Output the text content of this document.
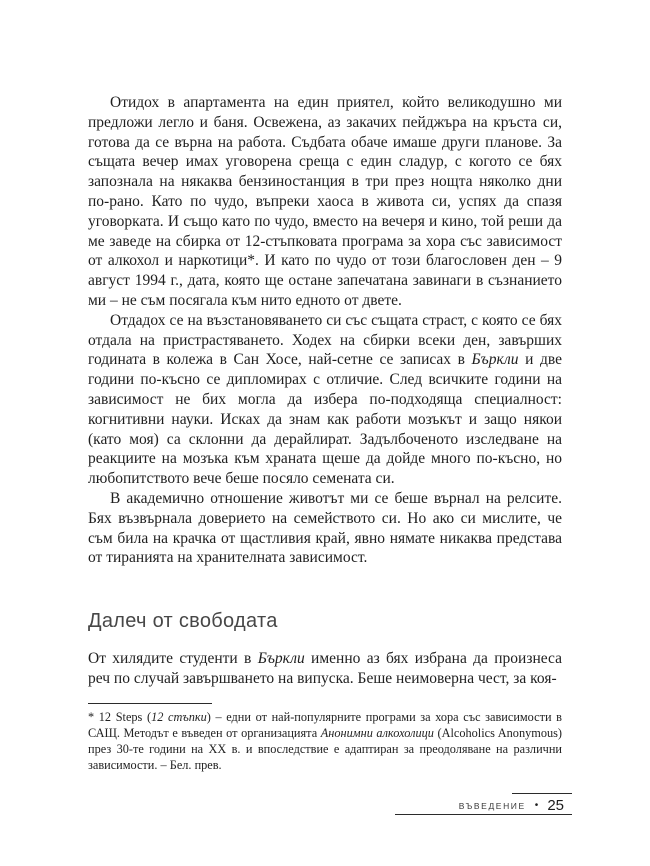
Отидох в апартамента на един приятел, който великодушно ми предложи легло и баня. Освежена, аз закачих пейджъра на кръста си, готова да се върна на работа. Съдбата обаче имаше други планове. За същата вечер имах уговорена среща с един сладур, с когото се бях запознала на някаква бензиностанция в три през нощта няколко дни по-рано. Като по чудо, въпреки хаоса в живота си, успях да спазя уговорката. И също като по чудо, вместо на вечеря и кино, той реши да ме заведе на сбирка от 12-стъпковата програма за хора със зависимост от алкохол и наркотици*. И като по чудо от този благословен ден – 9 август 1994 г., дата, която ще остане запечатана завинаги в съзнанието ми – не съм посягала към нито едното от двете.

Отдадох се на възстановяването си със същата страст, с която се бях отдала на пристрастяването. Ходех на сбирки всеки ден, завърших годината в колежа в Сан Хосе, най-сетне се записах в Бъркли и две години по-късно се дипломирах с отличие. След всичките години на зависимост не бих могла да избера по-подходяща специалност: когнитивни науки. Исках да знам как работи мозъкът и защо някои (като моя) са склонни да дерайлират. Задълбоченото изследване на реакциите на мозъка към храната щеше да дойде много по-късно, но любопитството вече беше посяло семената си.

В академично отношение животът ми се беше върнал на релсите. Бях възвърнала доверието на семейството си. Но ако си мислите, че съм била на крачка от щастливия край, явно нямате никаква представа от тиранията на хранителната зависимост.

Далеч от свободата

От хилядите студенти в Бъркли именно аз бях избрана да произнеса реч по случай завършването на випуска. Беше неимоверна чест, за коя-

* 12 Steps (12 стъпки) – едни от най-популярните програми за хора със зависимости в САЩ. Методът е въведен от организацията Анонимни алкохолици (Alcoholics Anonymous) през 30-те години на ХХ в. и впоследствие е адаптиран за преодоляване на различни зависимости. – Бел. прев.

ВЪВЕДЕНИЕ • 25
